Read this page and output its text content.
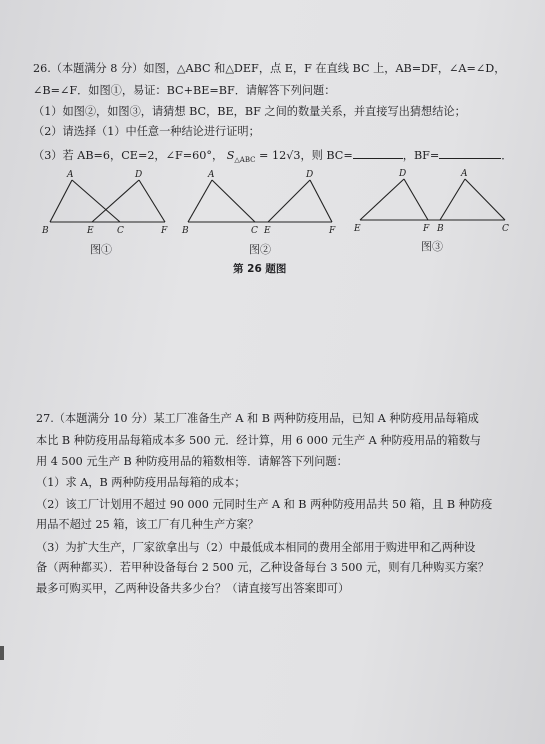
26.（本题满分 8 分）如图，△ABC 和△DEF，点 E，F 在直线 BC 上，AB=DF，∠A=∠D，
∠B=∠F．如图①，易证：BC+BE=BF．请解答下列问题：
（1）如图②，如图③，请猜想 BC，BE，BF 之间的数量关系，并直接写出猜想结论；
（2）请选择（1）中任意一种结论进行证明；
（3）若 AB=6，CE=2，∠F=60°， $S_{\triangle ABC} = 12√3$，则 BC=	，BF=	．
A	D
B	E	C	F
图①
A	D
B	C E	F
图②
D	A
E	F B	C
图③
第 26 题图
27.（本题满分 10 分）某工厂准备生产 A 和 B 两种防疫用品，已知 A 种防疫用品每箱成
本比 B 种防疫用品每箱成本多 500 元．经计算，用 6 000 元生产 A 种防疫用品的箱数与
用 4 500 元生产 B 种防疫用品的箱数相等．请解答下列问题：
（1）求 A，B 两种防疫用品每箱的成本；
（2）该工厂计划用不超过 90 000 元同时生产 A 和 B 两种防疫用品共 50 箱，且 B 种防疫
用品不超过 25 箱，该工厂有几种生产方案？
（3）为扩大生产，厂家欲拿出与（2）中最低成本相同的费用全部用于购进甲和乙两种设
备（两种都买）．若甲种设备每台 2 500 元，乙种设备每台 3 500 元，则有几种购买方案？
最多可购买甲，乙两种设备共多少台？（请直接写出答案即可）
